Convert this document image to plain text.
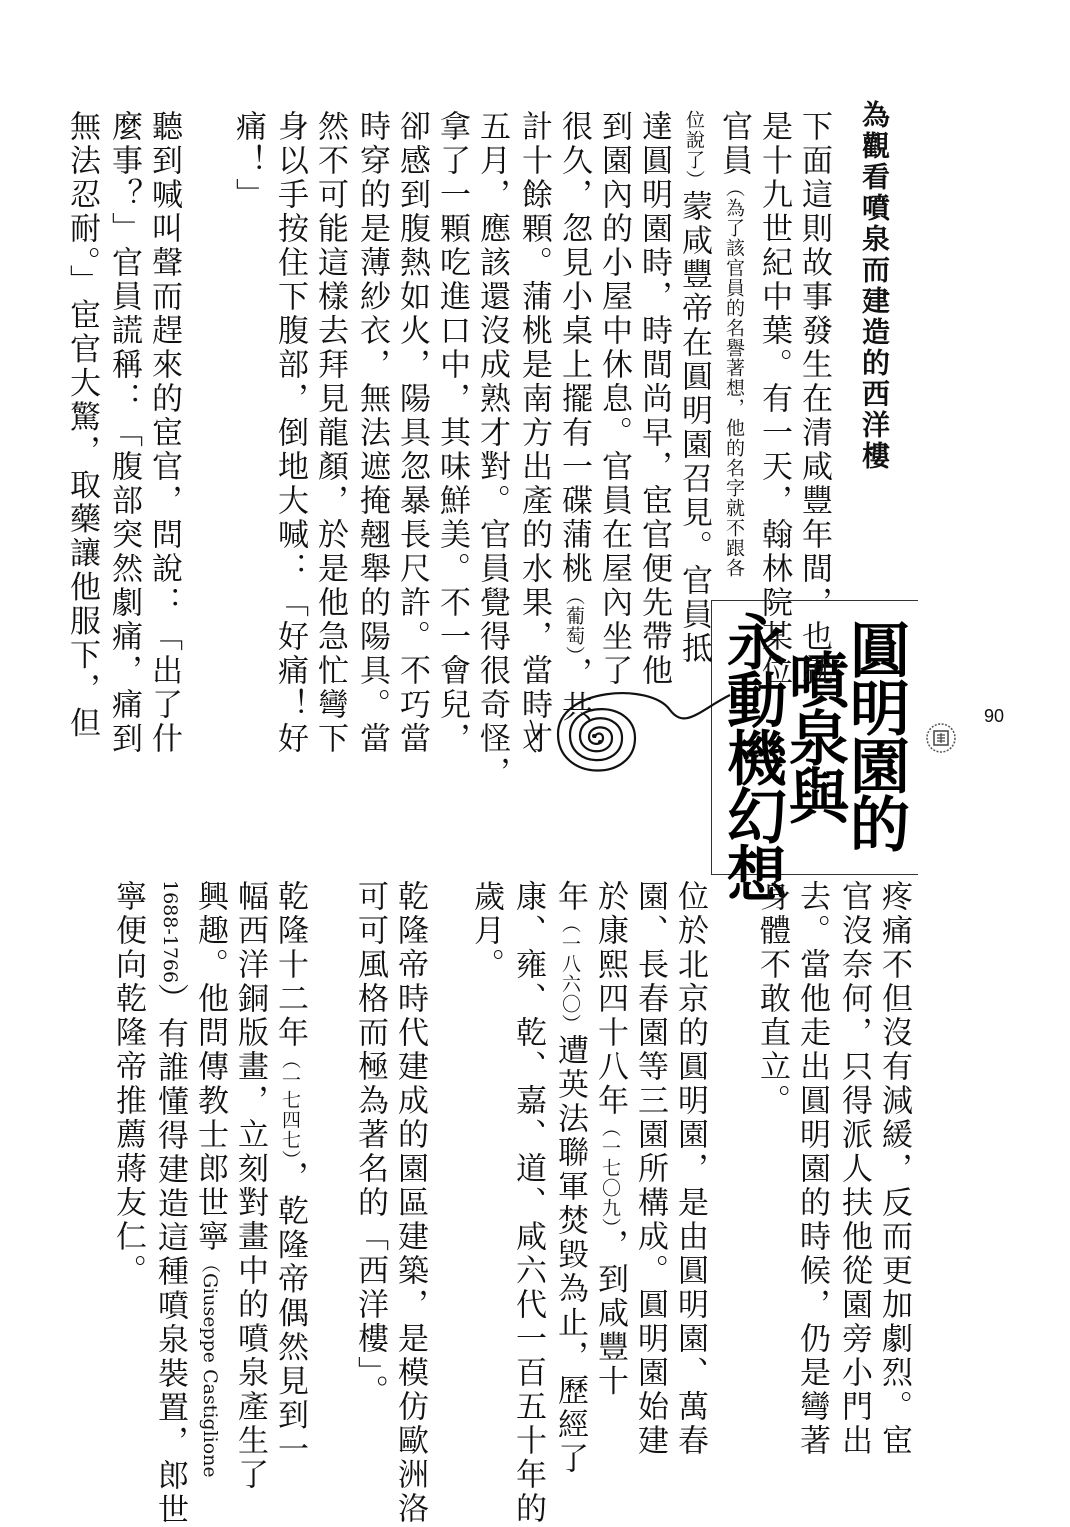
為觀看噴泉而建造的西洋樓
90
圓明園的
噴泉與
永動機幻想
下面這則故事發生在清咸豐年間，也就
是十九世紀中葉。有一天，翰林院某位
官員（為了該官員的名譽著想，他的名字就不跟各
位說了）蒙咸豐帝在圓明園召見。官員抵
達圓明園時，時間尚早，宦官便先帶他
到園內的小屋中休息。官員在屋內坐了
很久，忽見小桌上擺有一碟蒲桃（葡萄），共
計十餘顆。蒲桃是南方出產的水果，當時才
五月，應該還沒成熟才對。官員覺得很奇怪，
拿了一顆吃進口中，其味鮮美。不一會兒，
卻感到腹熱如火，陽具忽暴長尺許。不巧當
時穿的是薄紗衣，無法遮掩翹舉的陽具。當
然不可能這樣去拜見龍顏，於是他急忙彎下
身以手按住下腹部，倒地大喊：「好痛！好
痛！」
聽到喊叫聲而趕來的宦官，問說：「出了什
麼事？」官員謊稱：「腹部突然劇痛，痛到
無法忍耐。」宦官大驚，取藥讓他服下，但
疼痛不但沒有減緩，反而更加劇烈。宦
官沒奈何，只得派人扶他從園旁小門出
去。當他走出圓明園的時候，仍是彎著
身體不敢直立。
位於北京的圓明園，是由圓明園、萬春
園、長春園等三園所構成。圓明園始建
於康熙四十八年（一七〇九），到咸豐十
年（一八六〇）遭英法聯軍焚毀為止，歷經了
康、雍、乾、嘉、道、咸六代一百五十年的
歲月。
乾隆帝時代建成的園區建築，是模仿歐洲洛
可可風格而極為著名的「西洋樓」。
乾隆十二年（一七四七），乾隆帝偶然見到一
幅西洋銅版畫，立刻對畫中的噴泉產生了
興趣。他問傳教士郎世寧（Giuseppe Castiglione
1688-1766）有誰懂得建造這種噴泉裝置，郎世
寧便向乾隆帝推薦蔣友仁。
